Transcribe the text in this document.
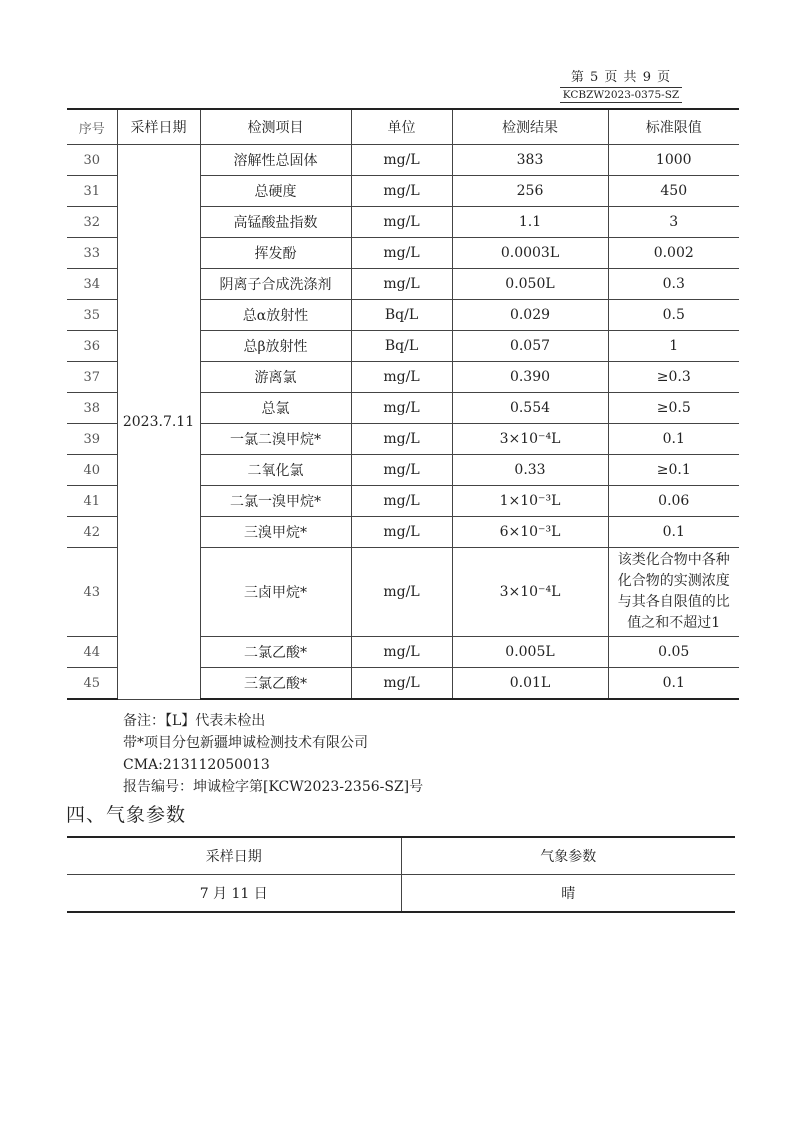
第 5 页 共 9 页
KCBZW2023-0375-SZ
序号	采样日期	检测项目	单位	检测结果	标准限值
30	2023.7.11	溶解性总固体	mg/L	383	1000
31		总硬度	mg/L	256	450
32		高锰酸盐指数	mg/L	1.1	3
33		挥发酚	mg/L	0.0003L	0.002
34		阴离子合成洗涤剂	mg/L	0.050L	0.3
35		总α放射性	Bq/L	0.029	0.5
36		总β放射性	Bq/L	0.057	1
37		游离氯	mg/L	0.390	≥0.3
38		总氯	mg/L	0.554	≥0.5
39		一氯二溴甲烷*	mg/L	3×10⁻⁴L	0.1
40		二氧化氯	mg/L	0.33	≥0.1
41		二氯一溴甲烷*	mg/L	1×10⁻³L	0.06
42		三溴甲烷*	mg/L	6×10⁻³L	0.1
43		三卤甲烷*	mg/L	3×10⁻⁴L	该类化合物中各种化合物的实测浓度与其各自限值的比值之和不超过1
44		二氯乙酸*	mg/L	0.005L	0.05
45		三氯乙酸*	mg/L	0.01L	0.1
备注：【L】代表未检出
带*项目分包新疆坤诚检测技术有限公司
CMA:213112050013
报告编号：坤诚检字第[KCW2023-2356-SZ]号
四、气象参数
采样日期	气象参数
7 月 11 日	晴
